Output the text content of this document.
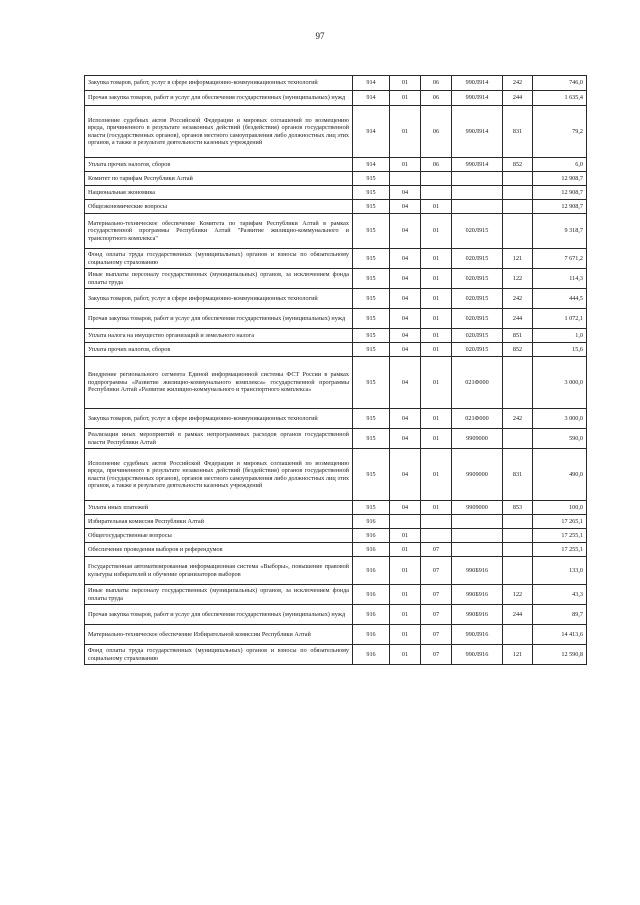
97
Закупка товаров, работ, услуг в сфере информационно-коммуникационных технологий	914	01	06	990Л914	242	746,0
Прочая закупка товаров, работ и услуг для обеспечения государственных (муниципальных) нужд	914	01	06	990Л914	244	1 635,4
Исполнение судебных актов Российской Федерации и мировых соглашений по возмещению вреда, причиненного в результате незаконных действий (бездействия) органов государственной власти (государственных органов), органов местного самоуправления либо должностных лиц этих органов, а также в результате деятельности казенных учреждений	914	01	06	990Л914	831	79,2
Уплата прочих налогов, сборов	914	01	06	990Л914	852	6,0
Комитет по тарифам Республики Алтай	915					12 908,7
Национальная экономика	915	04				12 908,7
Общеэкономические вопросы	915	04	01			12 908,7
Материально-техническое обеспечение Комитета по тарифам Республики Алтай в рамках государственной программы Республики Алтай "Развитие жилищно-коммунального и транспортного комплекса"	915	04	01	020Л915		9 318,7
Фонд оплаты труда государственных (муниципальных) органов и взносы по обязательному социальному страхованию	915	04	01	020Л915	121	7 671,2
Иные выплаты персоналу государственных (муниципальных) органов, за исключением фонда оплаты труда	915	04	01	020Л915	122	114,3
Закупка товаров, работ, услуг в сфере информационно-коммуникационных технологий	915	04	01	020Л915	242	444,5
Прочая закупка товаров, работ и услуг для обеспечения государственных (муниципальных) нужд	915	04	01	020Л915	244	1 072,1
Уплата налога на имущество организаций и земельного налога	915	04	01	020Л915	851	1,0
Уплата прочих налогов, сборов	915	04	01	020Л915	852	15,6
Внедрение регионального сегмента Единой информационной системы ФСТ России в рамках подпрограммы «Развитие жилищно-коммунального комплекса» государственной программы Республики Алтай «Развитие жилищно-коммунального и транспортного комплекса»	915	04	01	021Ф000		3 000,0
Закупка товаров, работ, услуг в сфере информационно-коммуникационных технологий	915	04	01	021Ф000	242	3 000,0
Реализация иных мероприятий в рамках непрограммных расходов органов государственной власти Республики Алтай	915	04	01	9909000		590,0
Исполнение судебных актов Российской Федерации и мировых соглашений по возмещению вреда, причиненного в результате незаконных действий (бездействия) органов государственной власти (государственных органов), органов местного самоуправления либо должностных лиц этих органов, а также в результате деятельности казенных учреждений	915	04	01	9909000	831	490,0
Уплата иных платежей	915	04	01	9909000	853	100,0
Избирательная комиссия Республики Алтай	916					17 265,1
Общегосударственные вопросы	916	01				17 255,1
Обеспечение проведения выборов и референдумов	916	01	07			17 255,1
Государственная автоматизированная информационная система «Выборы», повышение правовой культуры избирателей и обучение организаторов выборов	916	01	07	990Б916		133,0
Иные выплаты персоналу государственных (муниципальных) органов, за исключением фонда оплаты труда	916	01	07	990Б916	122	43,3
Прочая закупка товаров, работ и услуг для обеспечения государственных (муниципальных) нужд	916	01	07	990Б916	244	89,7
Материально-техническое обеспечение Избирательной комиссии Республики Алтай	916	01	07	990Л916		14 413,6
Фонд оплаты труда государственных (муниципальных) органов и взносы по обязательному социальному страхованию	916	01	07	990Л916	121	12 590,8
